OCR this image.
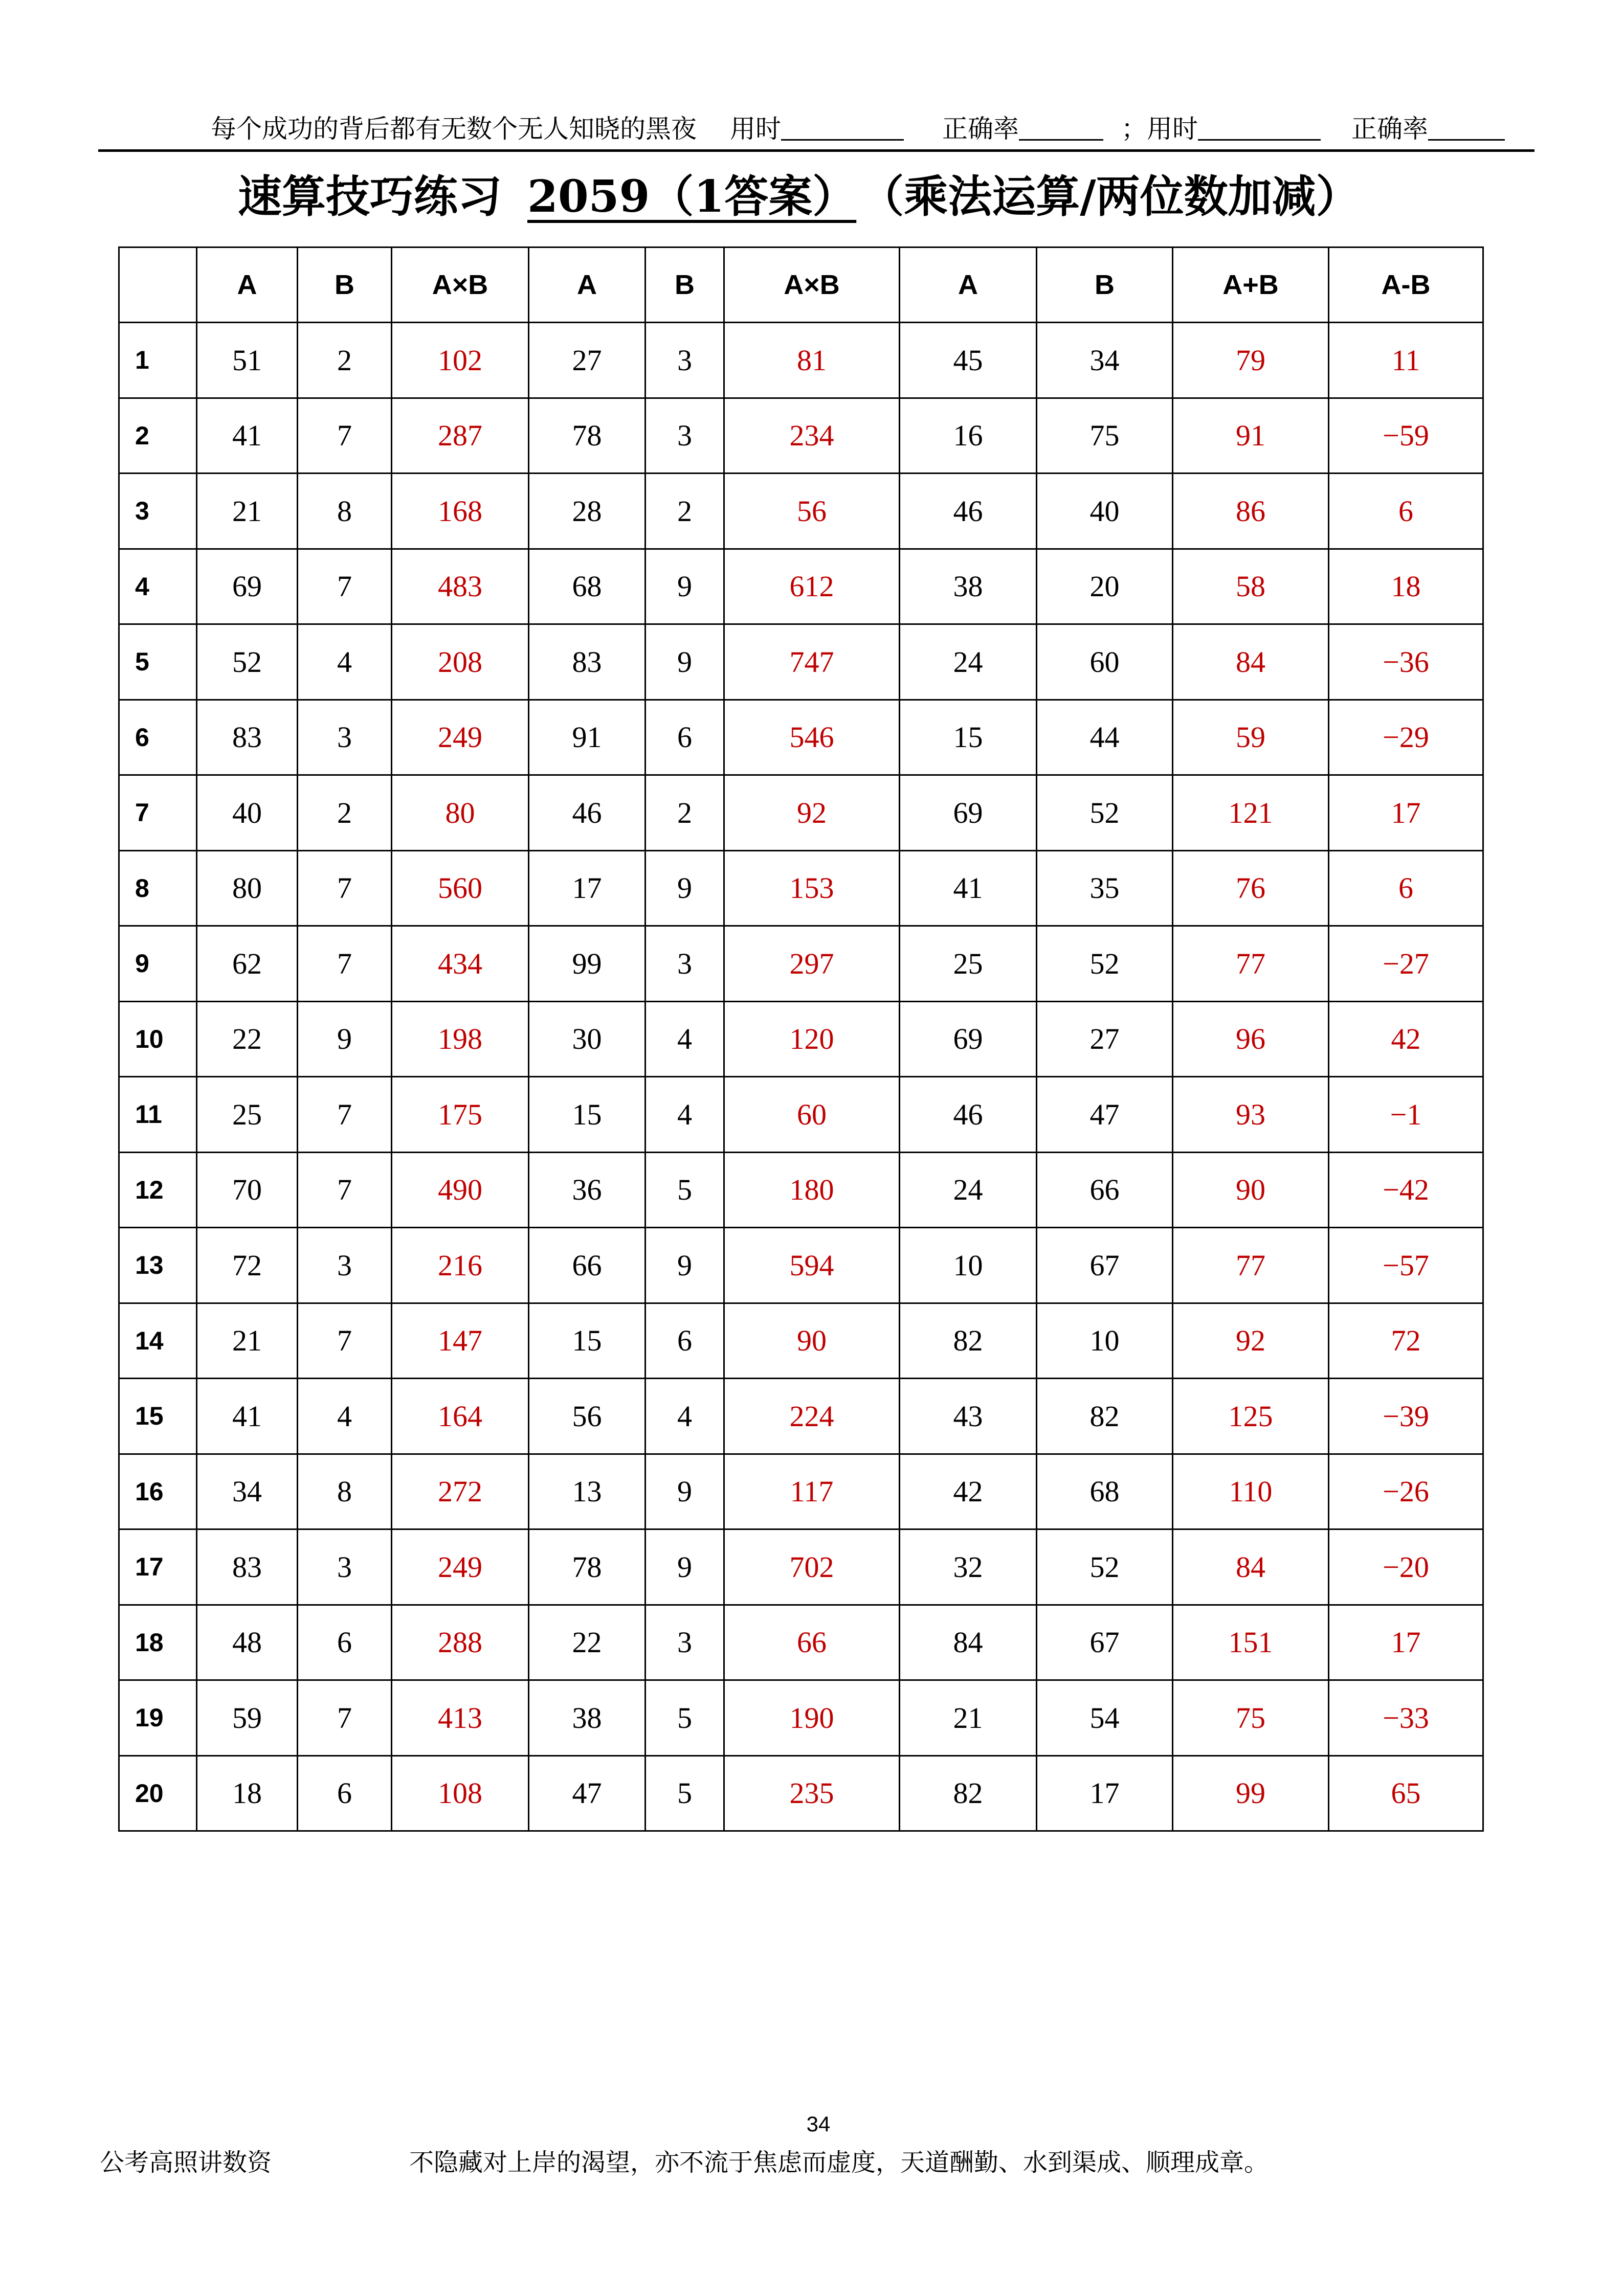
每个成功的背后都有无数个无人知晓的黑夜 用时	正确率	； 用时	正确率
速算技巧练习 2059（1答案） （乘法运算/两位数加减）
	A	B	A×B	A	B	A×B	A	B	A+B	A-B
1	51	2	102	27	3	81	45	34	79	11
2	41	7	287	78	3	234	16	75	91	−59
3	21	8	168	28	2	56	46	40	86	6
4	69	7	483	68	9	612	38	20	58	18
5	52	4	208	83	9	747	24	60	84	−36
6	83	3	249	91	6	546	15	44	59	−29
7	40	2	80	46	2	92	69	52	121	17
8	80	7	560	17	9	153	41	35	76	6
9	62	7	434	99	3	297	25	52	77	−27
10	22	9	198	30	4	120	69	27	96	42
11	25	7	175	15	4	60	46	47	93	−1
12	70	7	490	36	5	180	24	66	90	−42
13	72	3	216	66	9	594	10	67	77	−57
14	21	7	147	15	6	90	82	10	92	72
15	41	4	164	56	4	224	43	82	125	−39
16	34	8	272	13	9	117	42	68	110	−26
17	83	3	249	78	9	702	32	52	84	−20
18	48	6	288	22	3	66	84	67	151	17
19	59	7	413	38	5	190	21	54	75	−33
20	18	6	108	47	5	235	82	17	99	65
34
公考高照讲数资	不隐藏对上岸的渴望，亦不流于焦虑而虚度，天道酬勤、水到渠成、顺理成章。
